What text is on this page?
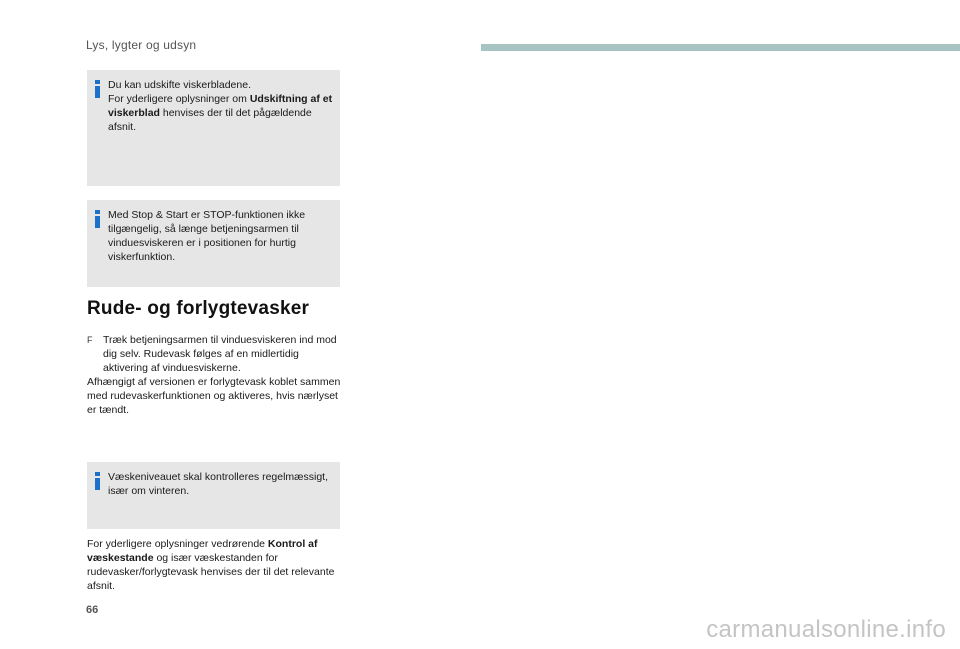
Lys, lygter og udsyn
Du kan udskifte viskerbladene.
For yderligere oplysninger om Udskiftning af et viskerblad henvises der til det pågældende afsnit.
Med Stop & Start er STOP-funktionen ikke tilgængelig, så længe betjeningsarmen til vinduesviskeren er i positionen for hurtig viskerfunktion.
Rude- og forlygtevasker
F	Træk betjeningsarmen til vinduesviskeren ind mod dig selv. Rudevask følges af en midlertidig aktivering af vinduesviskerne.
Afhængigt af versionen er forlygtevask koblet sammen med rudevaskerfunktionen og aktiveres, hvis nærlyset er tændt.
Væskeniveauet skal kontrolleres regelmæssigt, især om vinteren.
For yderligere oplysninger vedrørende Kontrol af væskestande og især væskestanden for rudevasker/forlygtevask henvises der til det relevante afsnit.
66
carmanualsonline.info
